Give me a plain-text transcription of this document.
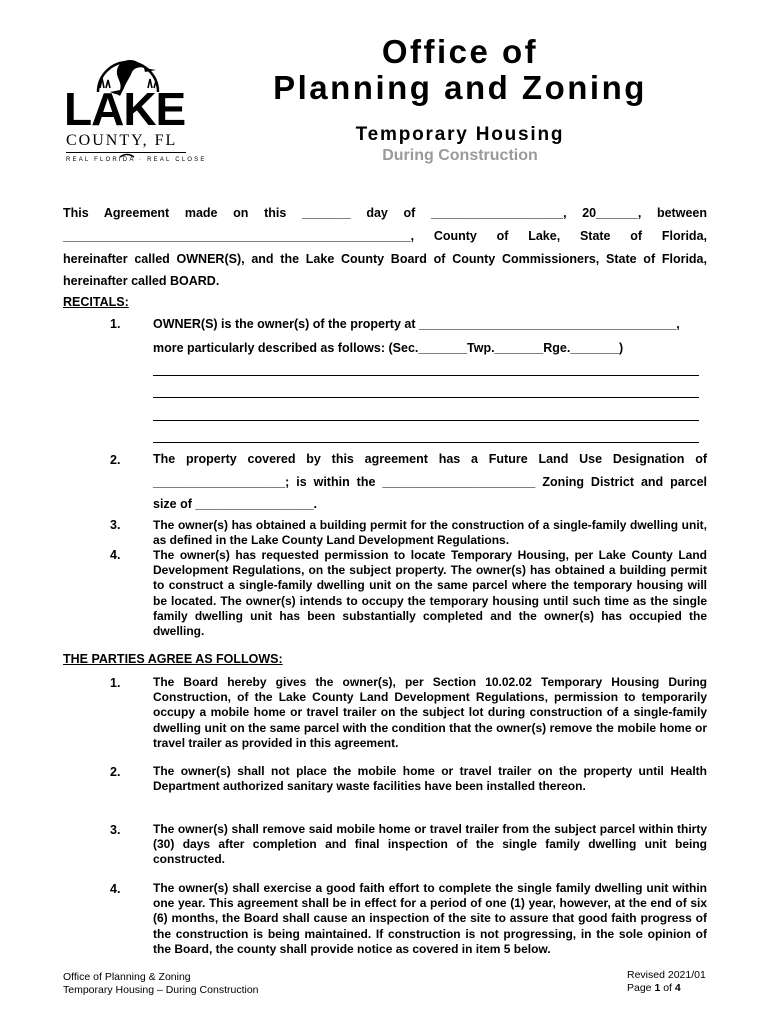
LAKE
COUNTY, FL
REAL FLORIDA · REAL CLOSE
Office of
Planning and Zoning
Temporary Housing
During Construction
This Agreement made on this _______ day of ___________________, 20______, between
__________________________________________________, County of Lake, State of Florida,
hereinafter called OWNER(S), and the Lake County Board of County Commissioners, State of Florida,
hereinafter called BOARD.
RECITALS:
1.	OWNER(S) is the owner(s) of the property at _____________________________________,
more particularly described as follows: (Sec._______Twp._______Rge._______)
2.	The property covered by this agreement has a Future Land Use Designation of
___________________; is within the ______________________ Zoning District and parcel
size of _________________.
3.	The owner(s) has obtained a building permit for the construction of a single-family dwelling unit, as defined in the Lake County Land Development Regulations.
4.	The owner(s) has requested permission to locate Temporary Housing, per Lake County Land Development Regulations, on the subject property. The owner(s) has obtained a building permit to construct a single-family dwelling unit on the same parcel where the temporary housing will be located. The owner(s) intends to occupy the temporary housing until such time as the single family dwelling unit has been substantially completed and the owner(s) has occupied the dwelling.
THE PARTIES AGREE AS FOLLOWS:
1.	The Board hereby gives the owner(s), per Section 10.02.02 Temporary Housing During Construction, of the Lake County Land Development Regulations, permission to temporarily occupy a mobile home or travel trailer on the subject lot during construction of a single-family dwelling unit on the same parcel with the condition that the owner(s) remove the mobile home or travel trailer as provided in this agreement.
2.	The owner(s) shall not place the mobile home or travel trailer on the property until Health Department authorized sanitary waste facilities have been installed thereon.
3.	The owner(s) shall remove said mobile home or travel trailer from the subject parcel within thirty (30) days after completion and final inspection of the single family dwelling unit being constructed.
4.	The owner(s) shall exercise a good faith effort to complete the single family dwelling unit within one year. This agreement shall be in effect for a period of one (1) year, however, at the end of six (6) months, the Board shall cause an inspection of the site to assure that good faith progress of the construction is being maintained. If construction is not progressing, in the sole opinion of the Board, the county shall provide notice as covered in item 5 below.
Office of Planning & Zoning
Temporary Housing – During Construction
Revised 2021/01
Page 1 of 4
